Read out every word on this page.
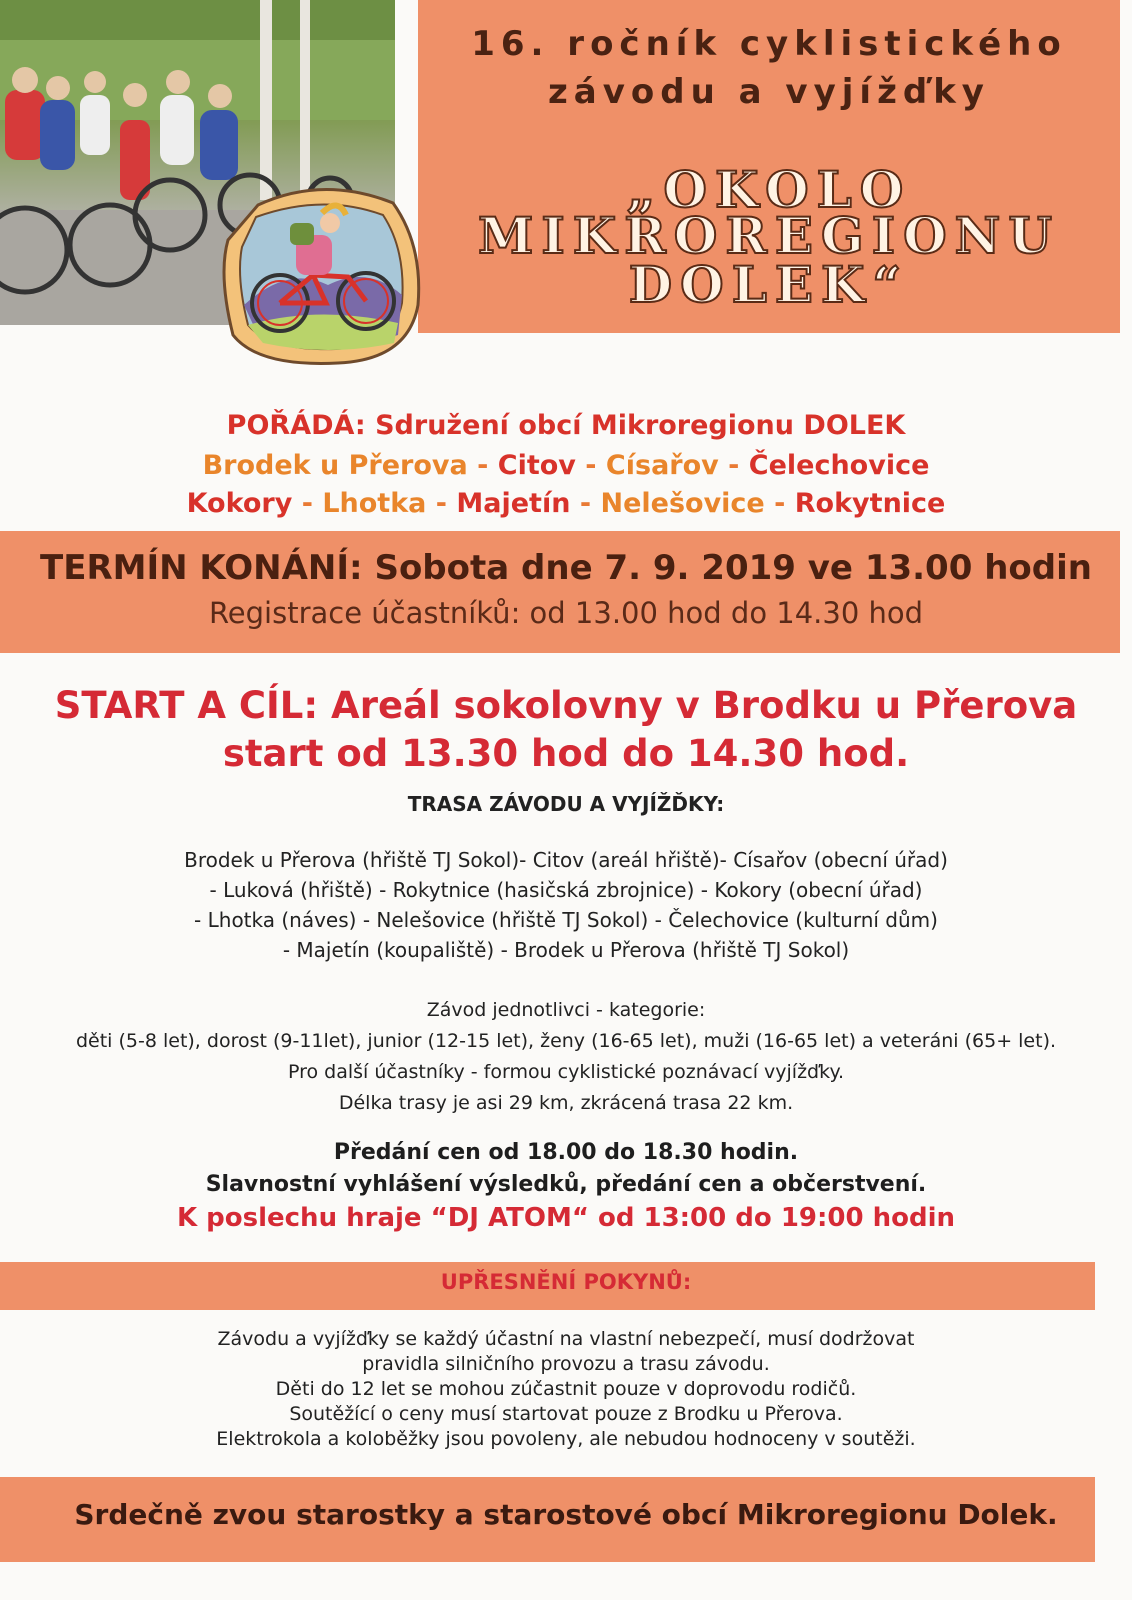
16. ročník cyklistického
závodu a vyjížďky
„OKOLO
MIKROREGIONU
DOLEK“
POŘÁDÁ: Sdružení obcí Mikroregionu DOLEK
Brodek u Přerova - Citov - Císařov - Čelechovice
Kokory - Lhotka - Majetín - Nelešovice - Rokytnice
TERMÍN KONÁNÍ: Sobota dne 7. 9. 2019 ve 13.00 hodin
Registrace účastníků: od 13.00 hod do 14.30 hod
START A CÍL: Areál sokolovny v Brodku u Přerova
start od 13.30 hod do 14.30 hod.
TRASA ZÁVODU A VYJÍŽĎKY:
Brodek u Přerova (hřiště TJ Sokol)- Citov (areál hřiště)- Císařov (obecní úřad)
- Luková (hřiště) - Rokytnice (hasičská zbrojnice) - Kokory (obecní úřad)
- Lhotka (náves) - Nelešovice (hřiště TJ Sokol) - Čelechovice (kulturní dům)
- Majetín (koupaliště) - Brodek u Přerova (hřiště TJ Sokol)
Závod jednotlivci - kategorie:
děti (5-8 let), dorost (9-11let), junior (12-15 let), ženy (16-65 let), muži (16-65 let) a veteráni (65+ let).
Pro další účastníky - formou cyklistické poznávací vyjížďky.
Délka trasy je asi 29 km, zkrácená trasa 22 km.
Předání cen od 18.00 do 18.30 hodin.
Slavnostní vyhlášení výsledků, předání cen a občerstvení.
K poslechu hraje “DJ ATOM“ od 13:00 do 19:00 hodin
UPŘESNĚNÍ POKYNŮ:
Závodu a vyjížďky se každý účastní na vlastní nebezpečí, musí dodržovat
pravidla silničního provozu a trasu závodu.
Děti do 12 let se mohou zúčastnit pouze v doprovodu rodičů.
Soutěžící o ceny musí startovat pouze z Brodku u Přerova.
Elektrokola a koloběžky jsou povoleny, ale nebudou hodnoceny v soutěži.
Srdečně zvou starostky a starostové obcí Mikroregionu Dolek.
